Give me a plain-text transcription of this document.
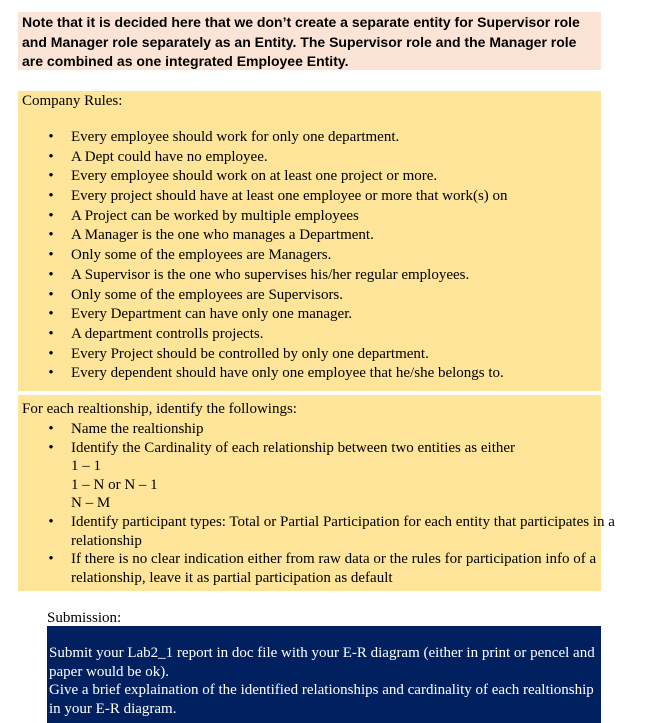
Note that it is decided here that we don’t create a separate entity for Supervisor role and Manager role separately as an Entity. The Supervisor role and the Manager role are combined as one integrated Employee Entity.
Company Rules:
• Every employee should work for only one department.
• A Dept could have no employee.
• Every employee should work on at least one project or more.
• Every project should have at least one employee or more that work(s) on
• A Project can be worked by multiple employees
• A Manager is the one who manages a Department.
• Only some of the employees are Managers.
• A Supervisor is the one who supervises his/her regular employees.
• Only some of the employees are Supervisors.
• Every Department can have only one manager.
• A department controlls projects.
• Every Project should be controlled by only one department.
• Every dependent should have only one employee that he/she belongs to.
For each realtionship, identify the followings:
• Name the realtionship
• Identify the Cardinality of each relationship between two entities as either
1 – 1
1 – N or N – 1
N – M
• Identify participant types: Total or Partial Participation for each entity that participates in a relationship
• If there is no clear indication either from raw data or the rules for participation info of a relationship, leave it as partial participation as default
Submission:

Submit your Lab2_1 report in doc file with your E-R diagram (either in print or pencel and paper would be ok).

Give a brief explaination of the identified relationships and cardinality of each realtionship in your E-R diagram.
